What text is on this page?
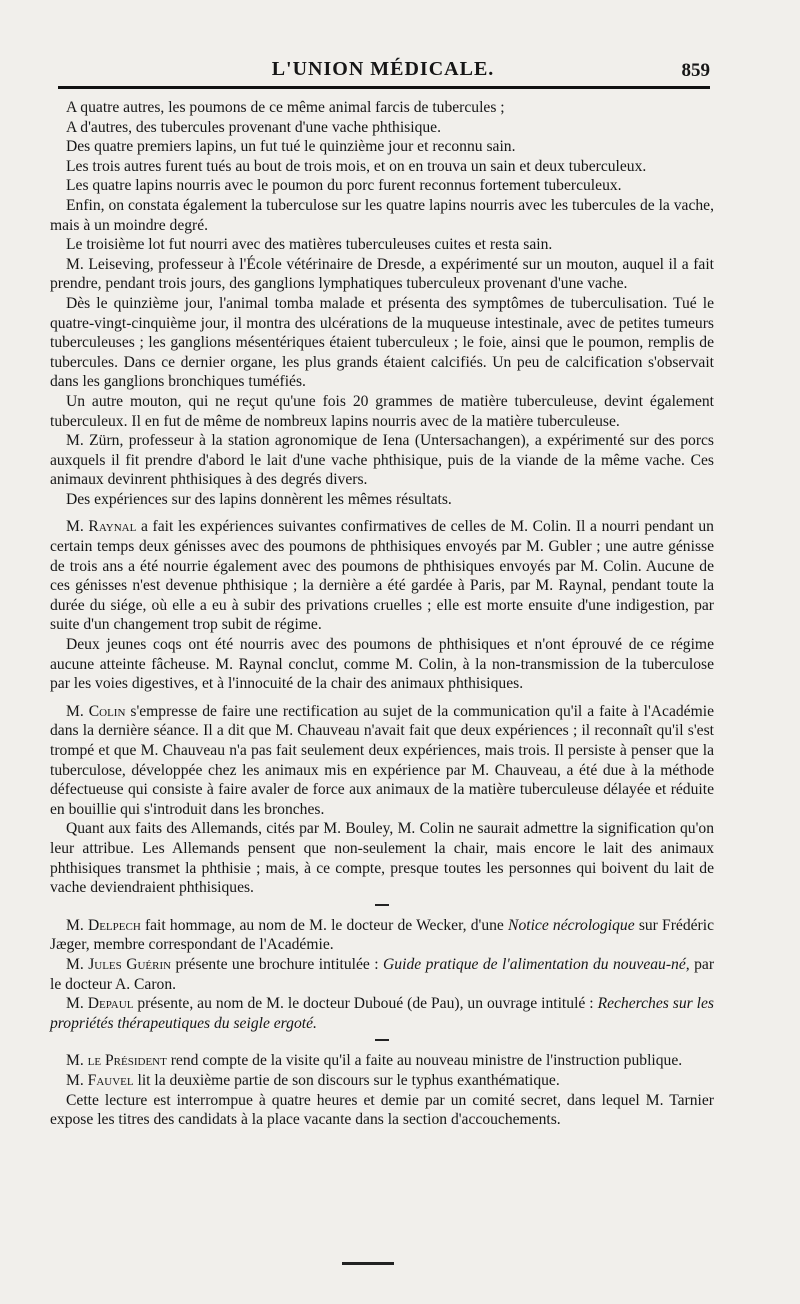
L'UNION MÉDICALE.	859

A quatre autres, les poumons de ce même animal farcis de tubercules ;

A d'autres, des tubercules provenant d'une vache phthisique.

Des quatre premiers lapins, un fut tué le quinzième jour et reconnu sain.

Les trois autres furent tués au bout de trois mois, et on en trouva un sain et deux tuberculeux.

Les quatre lapins nourris avec le poumon du porc furent reconnus fortement tuberculeux.

Enfin, on constata également la tuberculose sur les quatre lapins nourris avec les tubercules de la vache, mais à un moindre degré.

Le troisième lot fut nourri avec des matières tuberculeuses cuites et resta sain.

M. Leiseving, professeur à l'École vétérinaire de Dresde, a expérimenté sur un mouton, auquel il a fait prendre, pendant trois jours, des ganglions lymphatiques tuberculeux provenant d'une vache.

Dès le quinzième jour, l'animal tomba malade et présenta des symptômes de tuberculisation. Tué le quatre-vingt-cinquième jour, il montra des ulcérations de la muqueuse intestinale, avec de petites tumeurs tuberculeuses ; les ganglions mésentériques étaient tuberculeux ; le foie, ainsi que le poumon, remplis de tubercules. Dans ce dernier organe, les plus grands étaient calcifiés. Un peu de calcification s'observait dans les ganglions bronchiques tuméfiés.

Un autre mouton, qui ne reçut qu'une fois 20 grammes de matière tuberculeuse, devint également tuberculeux. Il en fut de même de nombreux lapins nourris avec de la matière tuberculeuse.

M. Zürn, professeur à la station agronomique de Iena (Untersachangen), a expérimenté sur des porcs auxquels il fit prendre d'abord le lait d'une vache phthisique, puis de la viande de la même vache. Ces animaux devinrent phthisiques à des degrés divers.

Des expériences sur des lapins donnèrent les mêmes résultats.

M. Raynal a fait les expériences suivantes confirmatives de celles de M. Colin. Il a nourri pendant un certain temps deux génisses avec des poumons de phthisiques envoyés par M. Gubler ; une autre génisse de trois ans a été nourrie également avec des poumons de phthisiques envoyés par M. Colin. Aucune de ces génisses n'est devenue phthisique ; la dernière a été gardée à Paris, par M. Raynal, pendant toute la durée du siége, où elle a eu à subir des privations cruelles ; elle est morte ensuite d'une indigestion, par suite d'un changement trop subit de régime.

Deux jeunes coqs ont été nourris avec des poumons de phthisiques et n'ont éprouvé de ce régime aucune atteinte fâcheuse. M. Raynal conclut, comme M. Colin, à la non-transmission de la tuberculose par les voies digestives, et à l'innocuité de la chair des animaux phthisiques.

M. Colin s'empresse de faire une rectification au sujet de la communication qu'il a faite à l'Académie dans la dernière séance. Il a dit que M. Chauveau n'avait fait que deux expériences ; il reconnaît qu'il s'est trompé et que M. Chauveau n'a pas fait seulement deux expériences, mais trois. Il persiste à penser que la tuberculose, développée chez les animaux mis en expérience par M. Chauveau, a été due à la méthode défectueuse qui consiste à faire avaler de force aux animaux de la matière tuberculeuse délayée et réduite en bouillie qui s'introduit dans les bronches.

Quant aux faits des Allemands, cités par M. Bouley, M. Colin ne saurait admettre la signification qu'on leur attribue. Les Allemands pensent que non-seulement la chair, mais encore le lait des animaux phthisiques transmet la phthisie ; mais, à ce compte, presque toutes les personnes qui boivent du lait de vache deviendraient phthisiques.

M. Delpech fait hommage, au nom de M. le docteur de Wecker, d'une Notice nécrologique sur Frédéric Jæger, membre correspondant de l'Académie.

M. Jules Guérin présente une brochure intitulée : Guide pratique de l'alimentation du nouveau-né, par le docteur A. Caron.

M. Depaul présente, au nom de M. le docteur Duboué (de Pau), un ouvrage intitulé : Recherches sur les propriétés thérapeutiques du seigle ergoté.

M. le Président rend compte de la visite qu'il a faite au nouveau ministre de l'instruction publique.

M. Fauvel lit la deuxième partie de son discours sur le typhus exanthématique.

Cette lecture est interrompue à quatre heures et demie par un comité secret, dans lequel M. Tarnier expose les titres des candidats à la place vacante dans la section d'accouchements.
